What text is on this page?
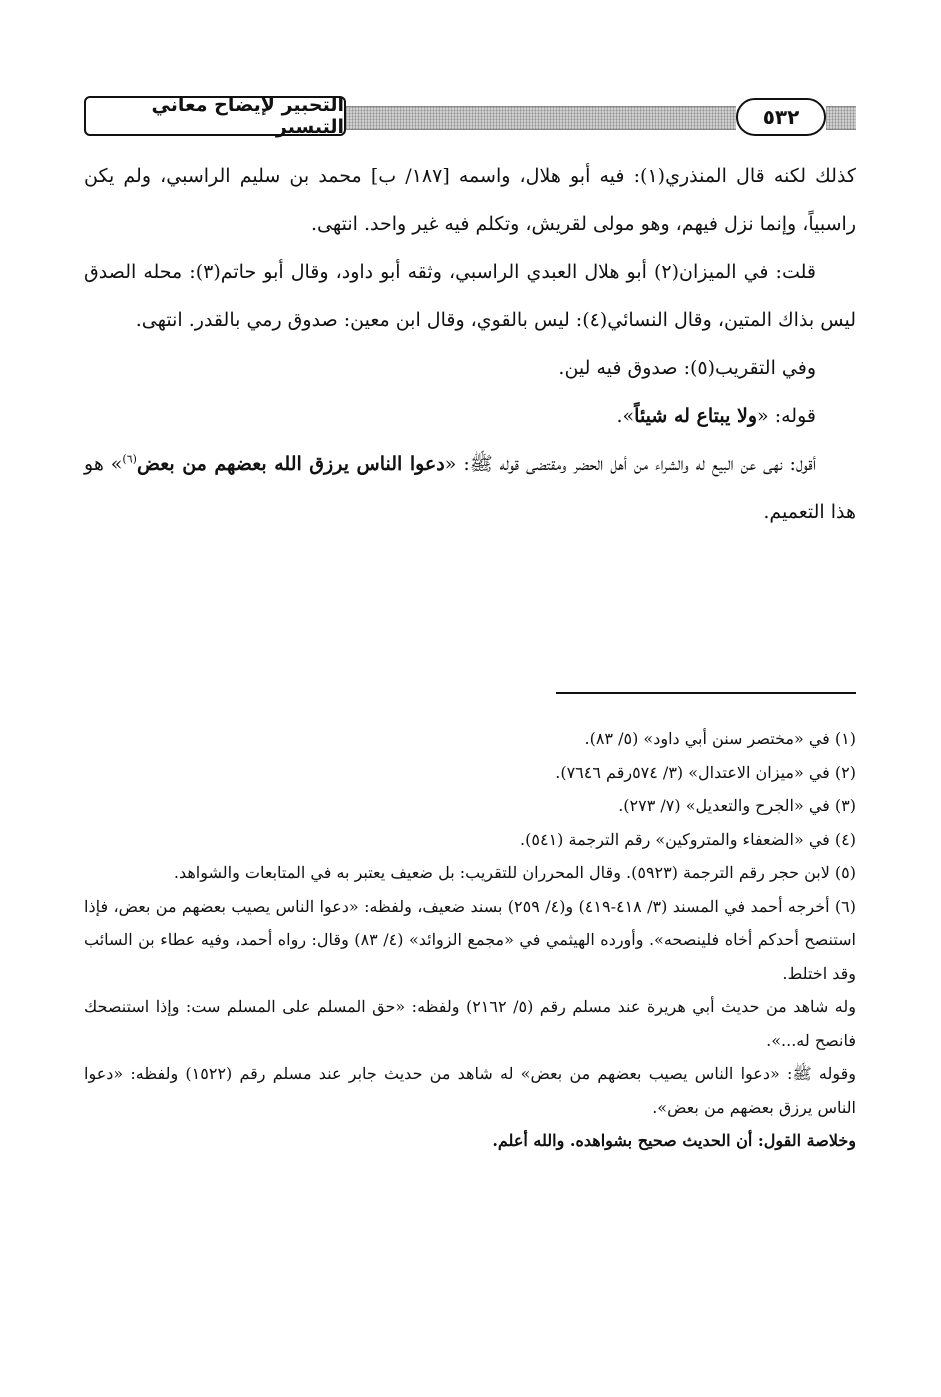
التحبير لإيضاح معاني التيسير	٥٣٢

كذلك لكنه قال المنذري(١): فيه أبو هلال، واسمه [١٨٧/ ب] محمد بن سليم الراسبي، ولم يكن راسبياً، وإنما نزل فيهم، وهو مولى لقريش، وتكلم فيه غير واحد. انتهى.

قلت: في الميزان(٢) أبو هلال العبدي الراسبي، وثقه أبو داود، وقال أبو حاتم(٣): محله الصدق ليس بذاك المتين، وقال النسائي(٤): ليس بالقوي، وقال ابن معين: صدوق رمي بالقدر. انتهى.

وفي التقريب(٥): صدوق فيه لين.

قوله: «ولا يبتاع له شيئاً».

أقول: نهى عن البيع له والشراء من أهل الحضر ومقتضى قوله ﷺ: «دعوا الناس يرزق الله بعضهم من بعض$^{(٦)}$» هو هذا التعميم.

(١) في «مختصر سنن أبي داود» (٥/ ٨٣).

(٢) في «ميزان الاعتدال» (٣/ ٥٧٤رقم ٧٦٤٦).

(٣) في «الجرح والتعديل» (٧/ ٢٧٣).

(٤) في «الضعفاء والمتروكين» رقم الترجمة (٥٤١).

(٥) لابن حجر رقم الترجمة (٥٩٢٣). وقال المحرران للتقريب: بل ضعيف يعتبر به في المتابعات والشواهد.

(٦) أخرجه أحمد في المسند (٣/ ٤١٨-٤١٩) و(٤/ ٢٥٩) بسند ضعيف، ولفظه: «دعوا الناس يصيب بعضهم من بعض، فإذا استنصح أحدكم أخاه فلينصحه». وأورده الهيثمي في «مجمع الزوائد» (٤/ ٨٣) وقال: رواه أحمد، وفيه عطاء بن السائب وقد اختلط.

وله شاهد من حديث أبي هريرة عند مسلم رقم (٥/ ٢١٦٢) ولفظه: «حق المسلم على المسلم ست: وإذا استنصحك فانصح له...».

وقوله ﷺ: «دعوا الناس يصيب بعضهم من بعض» له شاهد من حديث جابر عند مسلم رقم (١٥٢٢) ولفظه: «دعوا الناس يرزق بعضهم من بعض».

وخلاصة القول: أن الحديث صحيح بشواهده. والله أعلم.
